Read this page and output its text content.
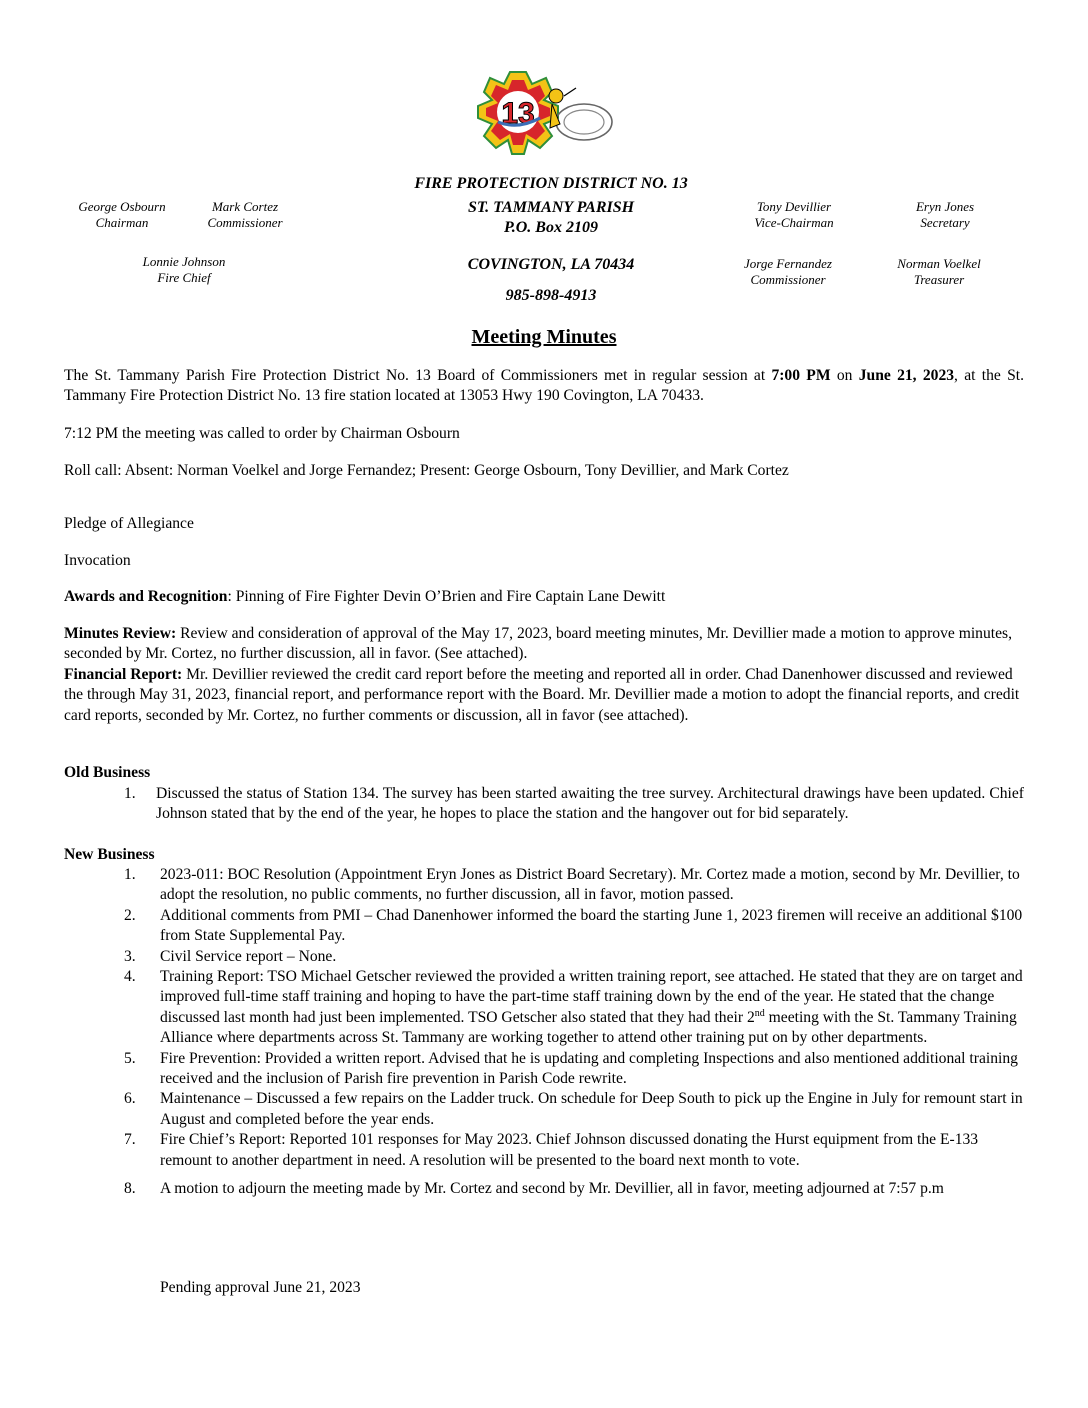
13
FIRE PROTECTION DISTRICT NO. 13
ST. TAMMANY PARISH
P.O. Box 2109
COVINGTON, LA 70434
985-898-4913
George Osbourn
Chairman
Mark Cortez
Commissioner
Lonnie Johnson
Fire Chief
Tony Devillier
Vice-Chairman
Eryn Jones
Secretary
Jorge Fernandez
Commissioner
Norman Voelkel
Treasurer
Meeting Minutes
The St. Tammany Parish Fire Protection District No. 13 Board of Commissioners met in regular session at 7:00 PM on June 21, 2023, at the St. Tammany Fire Protection District No. 13 fire station located at 13053 Hwy 190 Covington, LA 70433.
7:12 PM the meeting was called to order by Chairman Osbourn
Roll call: Absent: Norman Voelkel and Jorge Fernandez; Present: George Osbourn, Tony Devillier, and Mark Cortez
Pledge of Allegiance
Invocation
Awards and Recognition: Pinning of Fire Fighter Devin O’Brien and Fire Captain Lane Dewitt
Minutes Review: Review and consideration of approval of the May 17, 2023, board meeting minutes, Mr. Devillier made a motion to approve minutes, seconded by Mr. Cortez, no further discussion, all in favor. (See attached).
Financial Report: Mr. Devillier reviewed the credit card report before the meeting and reported all in order. Chad Danenhower discussed and reviewed the through May 31, 2023, financial report, and performance report with the Board. Mr. Devillier made a motion to adopt the financial reports, and credit card reports, seconded by Mr. Cortez, no further comments or discussion, all in favor (see attached).
Old Business
1.	Discussed the status of Station 134. The survey has been started awaiting the tree survey. Architectural drawings have been updated. Chief Johnson stated that by the end of the year, he hopes to place the station and the hangover out for bid separately.
New Business
1.	2023-011: BOC Resolution (Appointment Eryn Jones as District Board Secretary). Mr. Cortez made a motion, second by Mr. Devillier, to adopt the resolution, no public comments, no further discussion, all in favor, motion passed.
2.	Additional comments from PMI – Chad Danenhower informed the board the starting June 1, 2023 firemen will receive an additional $100 from State Supplemental Pay.
3.	Civil Service report – None.
4.	Training Report: TSO Michael Getscher reviewed the provided a written training report, see attached. He stated that they are on target and improved full-time staff training and hoping to have the part-time staff training down by the end of the year. He stated that the change discussed last month had just been implemented. TSO Getscher also stated that they had their 2nd meeting with the St. Tammany Training Alliance where departments across St. Tammany are working together to attend other training put on by other departments.
5.	Fire Prevention: Provided a written report. Advised that he is updating and completing Inspections and also mentioned additional training received and the inclusion of Parish fire prevention in Parish Code rewrite.
6.	Maintenance – Discussed a few repairs on the Ladder truck. On schedule for Deep South to pick up the Engine in July for remount start in August and completed before the year ends.
7.	Fire Chief’s Report: Reported 101 responses for May 2023. Chief Johnson discussed donating the Hurst equipment from the E-133 remount to another department in need. A resolution will be presented to the board next month to vote.
8.	A motion to adjourn the meeting made by Mr. Cortez and second by Mr. Devillier, all in favor, meeting adjourned at 7:57 p.m
Pending approval June 21, 2023
